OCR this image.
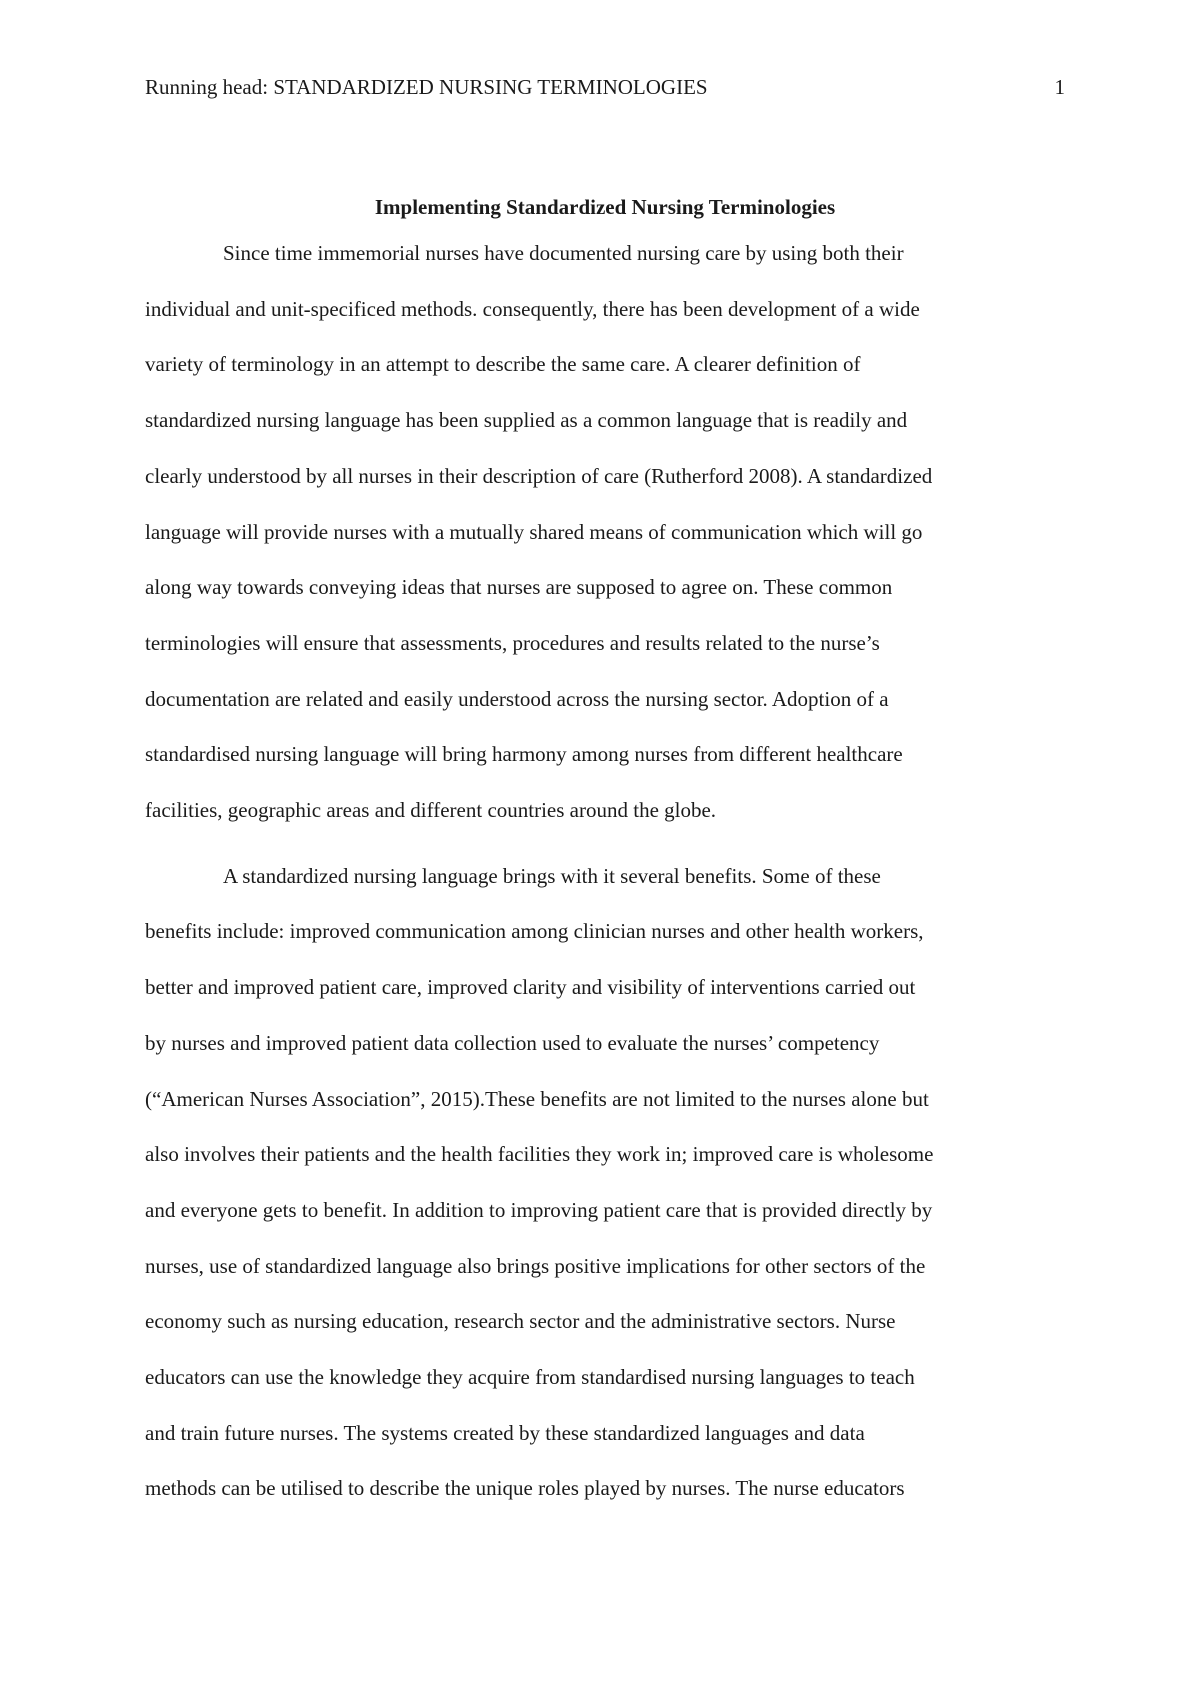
Running head: STANDARDIZED NURSING TERMINOLOGIES	1
Implementing Standardized Nursing Terminologies

Since time immemorial nurses have documented nursing care by using both their
individual and unit-specificed methods. consequently, there has been development of a wide
variety of terminology in an attempt to describe the same care. A clearer definition of
standardized nursing language has been supplied as a common language that is readily and
clearly understood by all nurses in their description of care (Rutherford 2008). A standardized
language will provide nurses with a mutually shared means of communication which will go
along way towards conveying ideas that nurses are supposed to agree on. These common
terminologies will ensure that assessments, procedures and results related to the nurse’s
documentation are related and easily understood across the nursing sector. Adoption of a
standardised nursing language will bring harmony among nurses from different healthcare
facilities, geographic areas and different countries around the globe.

A standardized nursing language brings with it several benefits. Some of these
benefits include: improved communication among clinician nurses and other health workers,
better and improved patient care, improved clarity and visibility of interventions carried out
by nurses and improved patient data collection used to evaluate the nurses’ competency
(“American Nurses Association”, 2015).These benefits are not limited to the nurses alone but
also involves their patients and the health facilities they work in; improved care is wholesome
and everyone gets to benefit. In addition to improving patient care that is provided directly by
nurses, use of standardized language also brings positive implications for other sectors of the
economy such as nursing education, research sector and the administrative sectors. Nurse
educators can use the knowledge they acquire from standardised nursing languages to teach
and train future nurses. The systems created by these standardized languages and data
methods can be utilised to describe the unique roles played by nurses. The nurse educators
